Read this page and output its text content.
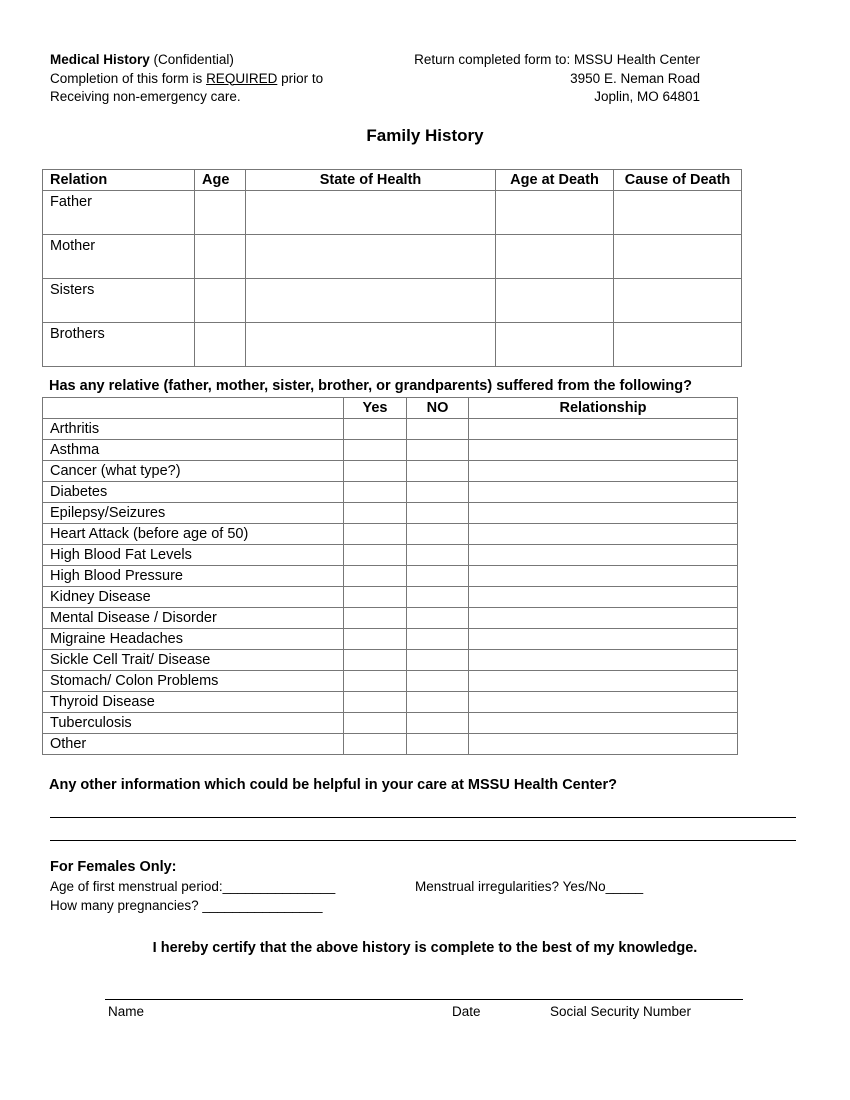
Medical History (Confidential)
Completion of this form is REQUIRED prior to
Receiving non-emergency care.
Return completed form to: MSSU Health Center
3950 E. Neman Road
Joplin, MO 64801
Family History
Relation	Age	State of Health	Age at Death	Cause of Death
Father				
Mother				
Sisters				
Brothers				
Has any relative (father, mother, sister, brother, or grandparents) suffered from the following?
	Yes	NO	Relationship
Arthritis			
Asthma			
Cancer (what type?)			
Diabetes			
Epilepsy/Seizures			
Heart Attack (before age of 50)			
High Blood Fat Levels			
High Blood Pressure			
Kidney Disease			
Mental Disease / Disorder			
Migraine Headaches			
Sickle Cell Trait/ Disease			
Stomach/ Colon Problems			
Thyroid Disease			
Tuberculosis			
Other			
Any other information which could be helpful in your care at MSSU Health Center?
For Females Only:
Age of first menstrual period:_______________
How many pregnancies? ________________
Menstrual irregularities? Yes/No_____
I hereby certify that the above history is complete to the best of my knowledge.
Name	Date	Social Security Number
